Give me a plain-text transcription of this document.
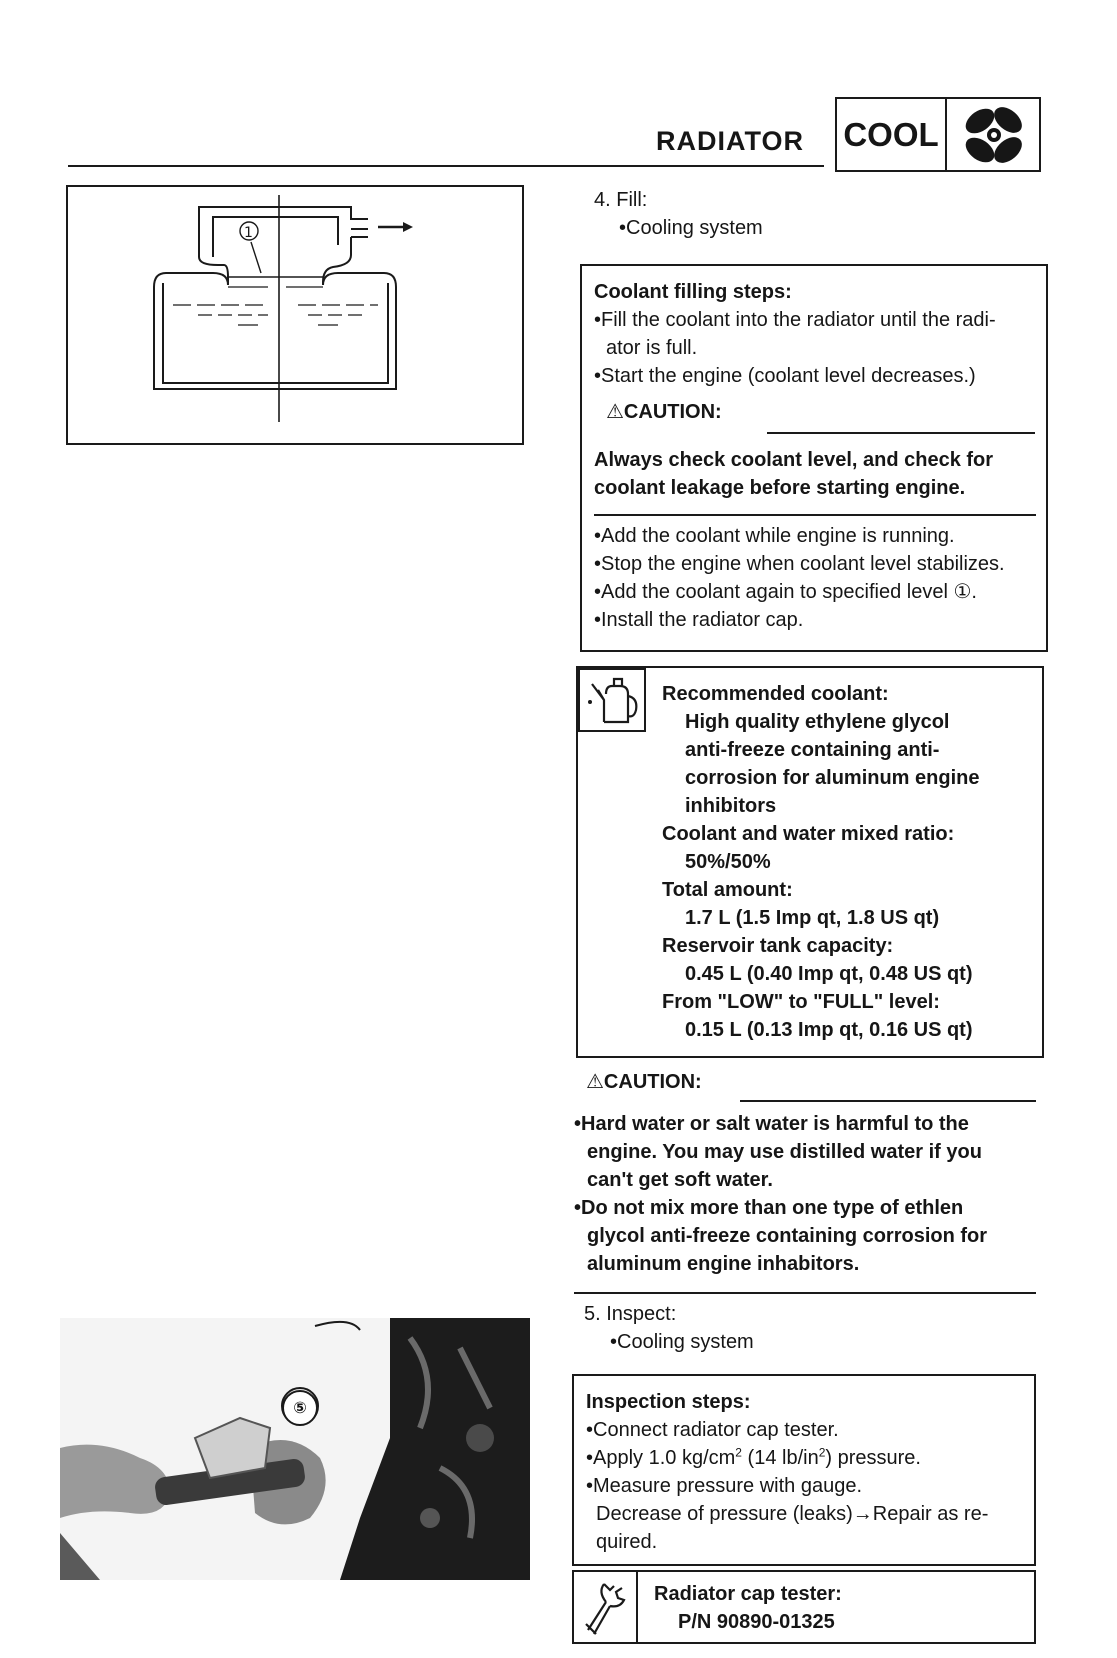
RADIATOR COOL
1
4. Fill:
•Cooling system
Coolant filling steps:
•Fill the coolant into the radiator until the radi-
ator is full.
•Start the engine (coolant level decreases.)
⚠CAUTION:
Always check coolant level, and check for
coolant leakage before starting engine.
•Add the coolant while engine is running.
•Stop the engine when coolant level stabilizes.
•Add the coolant again to specified level ①.
•Install the radiator cap.
Recommended coolant:
High quality ethylene glycol
anti-freeze containing anti-
corrosion for aluminum engine
inhibitors
Coolant and water mixed ratio:
50%/50%
Total amount:
1.7 L (1.5 Imp qt, 1.8 US qt)
Reservoir tank capacity:
0.45 L (0.40 Imp qt, 0.48 US qt)
From "LOW" to "FULL" level:
0.15 L (0.13 Imp qt, 0.16 US qt)
⚠CAUTION:
•Hard water or salt water is harmful to the
engine. You may use distilled water if you
can't get soft water.
•Do not mix more than one type of ethlen
glycol anti-freeze containing corrosion for
aluminum engine inhabitors.
5. Inspect:
•Cooling system
Inspection steps:
•Connect radiator cap tester.
•Apply 1.0 $kg/cm^2$ (14 $lb/in^2$) pressure.
•Measure pressure with gauge.
Decrease of pressure (leaks)→Repair as re-
quired.
Radiator cap tester:
P/N 90890-01325
⑤
